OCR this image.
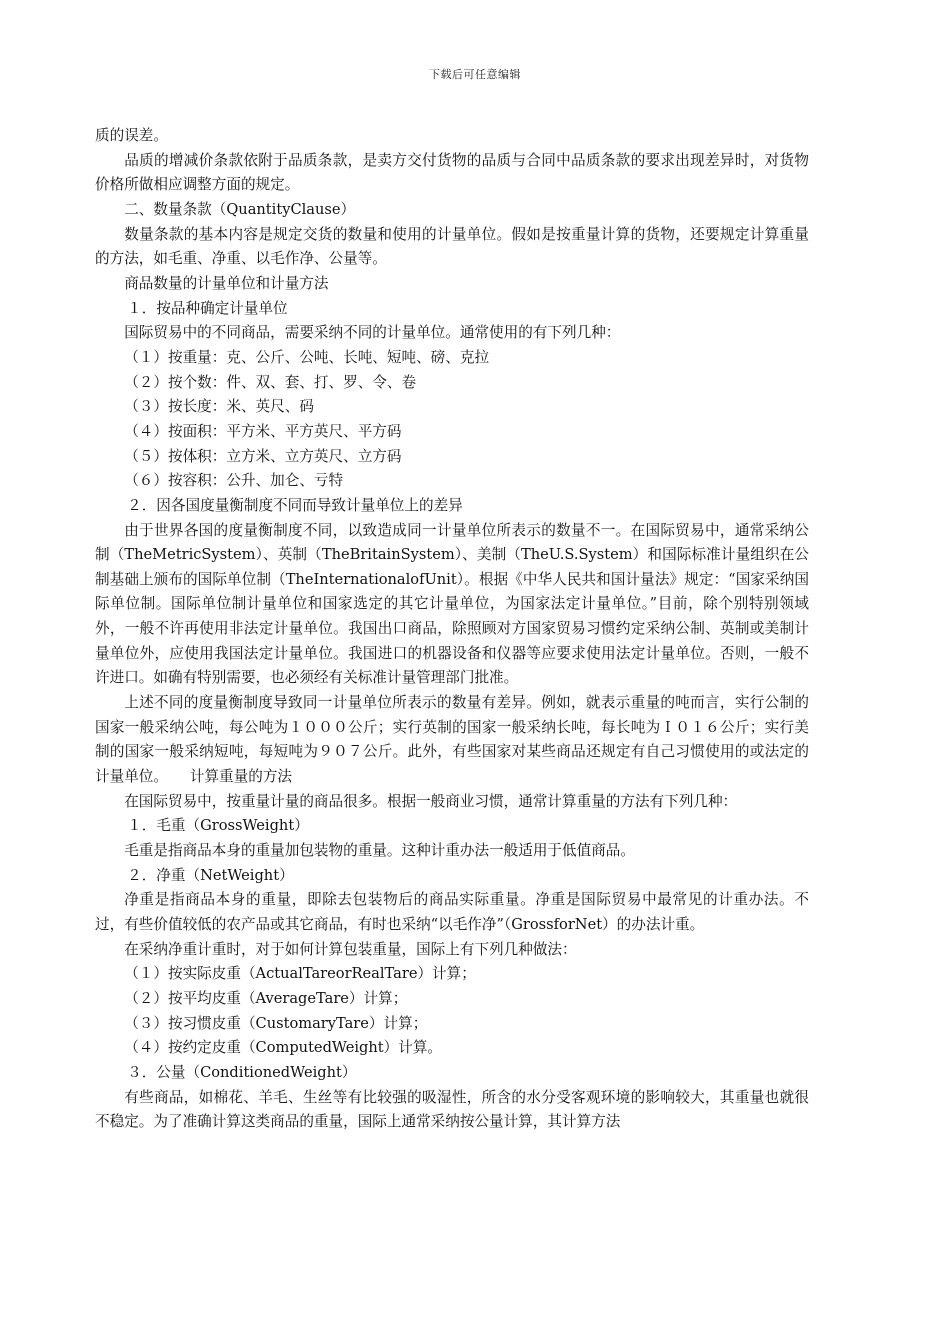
下载后可任意编辑

质的误差。

品质的增减价条款依附于品质条款，是卖方交付货物的品质与合同中品质条款的要求出现差异时，对货物价格所做相应调整方面的规定。

二、数量条款（QuantityClause）

数量条款的基本内容是规定交货的数量和使用的计量单位。假如是按重量计算的货物，还要规定计算重量的方法，如毛重、净重、以毛作净、公量等。

商品数量的计量单位和计量方法

１．按品种确定计量单位

国际贸易中的不同商品，需要采纳不同的计量单位。通常使用的有下列几种：

（１）按重量：克、公斤、公吨、长吨、短吨、磅、克拉

（２）按个数：件、双、套、打、罗、令、卷

（３）按长度：米、英尺、码

（４）按面积：平方米、平方英尺、平方码

（５）按体积：立方米、立方英尺、立方码

（６）按容积：公升、加仑、亏特

２．因各国度量衡制度不同而导致计量单位上的差异

由于世界各国的度量衡制度不同，以致造成同一计量单位所表示的数量不一。在国际贸易中，通常采纳公制（TheMetricSystem）、英制（TheBritainSystem）、美制（TheU.S.System）和国际标准计量组织在公制基础上颁布的国际单位制（TheInternationalofUnit）。根据《中华人民共和国计量法》规定：“国家采纳国际单位制。国际单位制计量单位和国家选定的其它计量单位，为国家法定计量单位。”目前，除个别特别领域外，一般不许再使用非法定计量单位。我国出口商品，除照顾对方国家贸易习惯约定采纳公制、英制或美制计量单位外，应使用我国法定计量单位。我国进口的机器设备和仪器等应要求使用法定计量单位。否则，一般不许进口。如确有特别需要，也必须经有关标准计量管理部门批准。

上述不同的度量衡制度导致同一计量单位所表示的数量有差异。例如，就表示重量的吨而言，实行公制的国家一般采纳公吨，每公吨为１０００公斤；实行英制的国家一般采纳长吨，每长吨为Ｉ０１６公斤；实行美制的国家一般采纳短吨，每短吨为９０７公斤。此外，有些国家对某些商品还规定有自己习惯使用的或法定的计量单位。　　计算重量的方法

在国际贸易中，按重量计量的商品很多。根据一般商业习惯，通常计算重量的方法有下列几种：

１．毛重（GrossWeight）

毛重是指商品本身的重量加包装物的重量。这种计重办法一般适用于低值商品。

２．净重（NetWeight）

净重是指商品本身的重量，即除去包装物后的商品实际重量。净重是国际贸易中最常见的计重办法。不过，有些价值较低的农产品或其它商品，有时也采纳“以毛作净”（GrossforNet）的办法计重。

在采纳净重计重时，对于如何计算包装重量，国际上有下列几种做法：

（１）按实际皮重（ActualTareorRealTare）计算；

（２）按平均皮重（AverageTare）计算；

（３）按习惯皮重（CustomaryTare）计算；

（４）按约定皮重（ComputedWeight）计算。

３．公量（ConditionedWeight）

有些商品，如棉花、羊毛、生丝等有比较强的吸湿性，所含的水分受客观环境的影响较大，其重量也就很不稳定。为了准确计算这类商品的重量，国际上通常采纳按公量计算，其计算方法
